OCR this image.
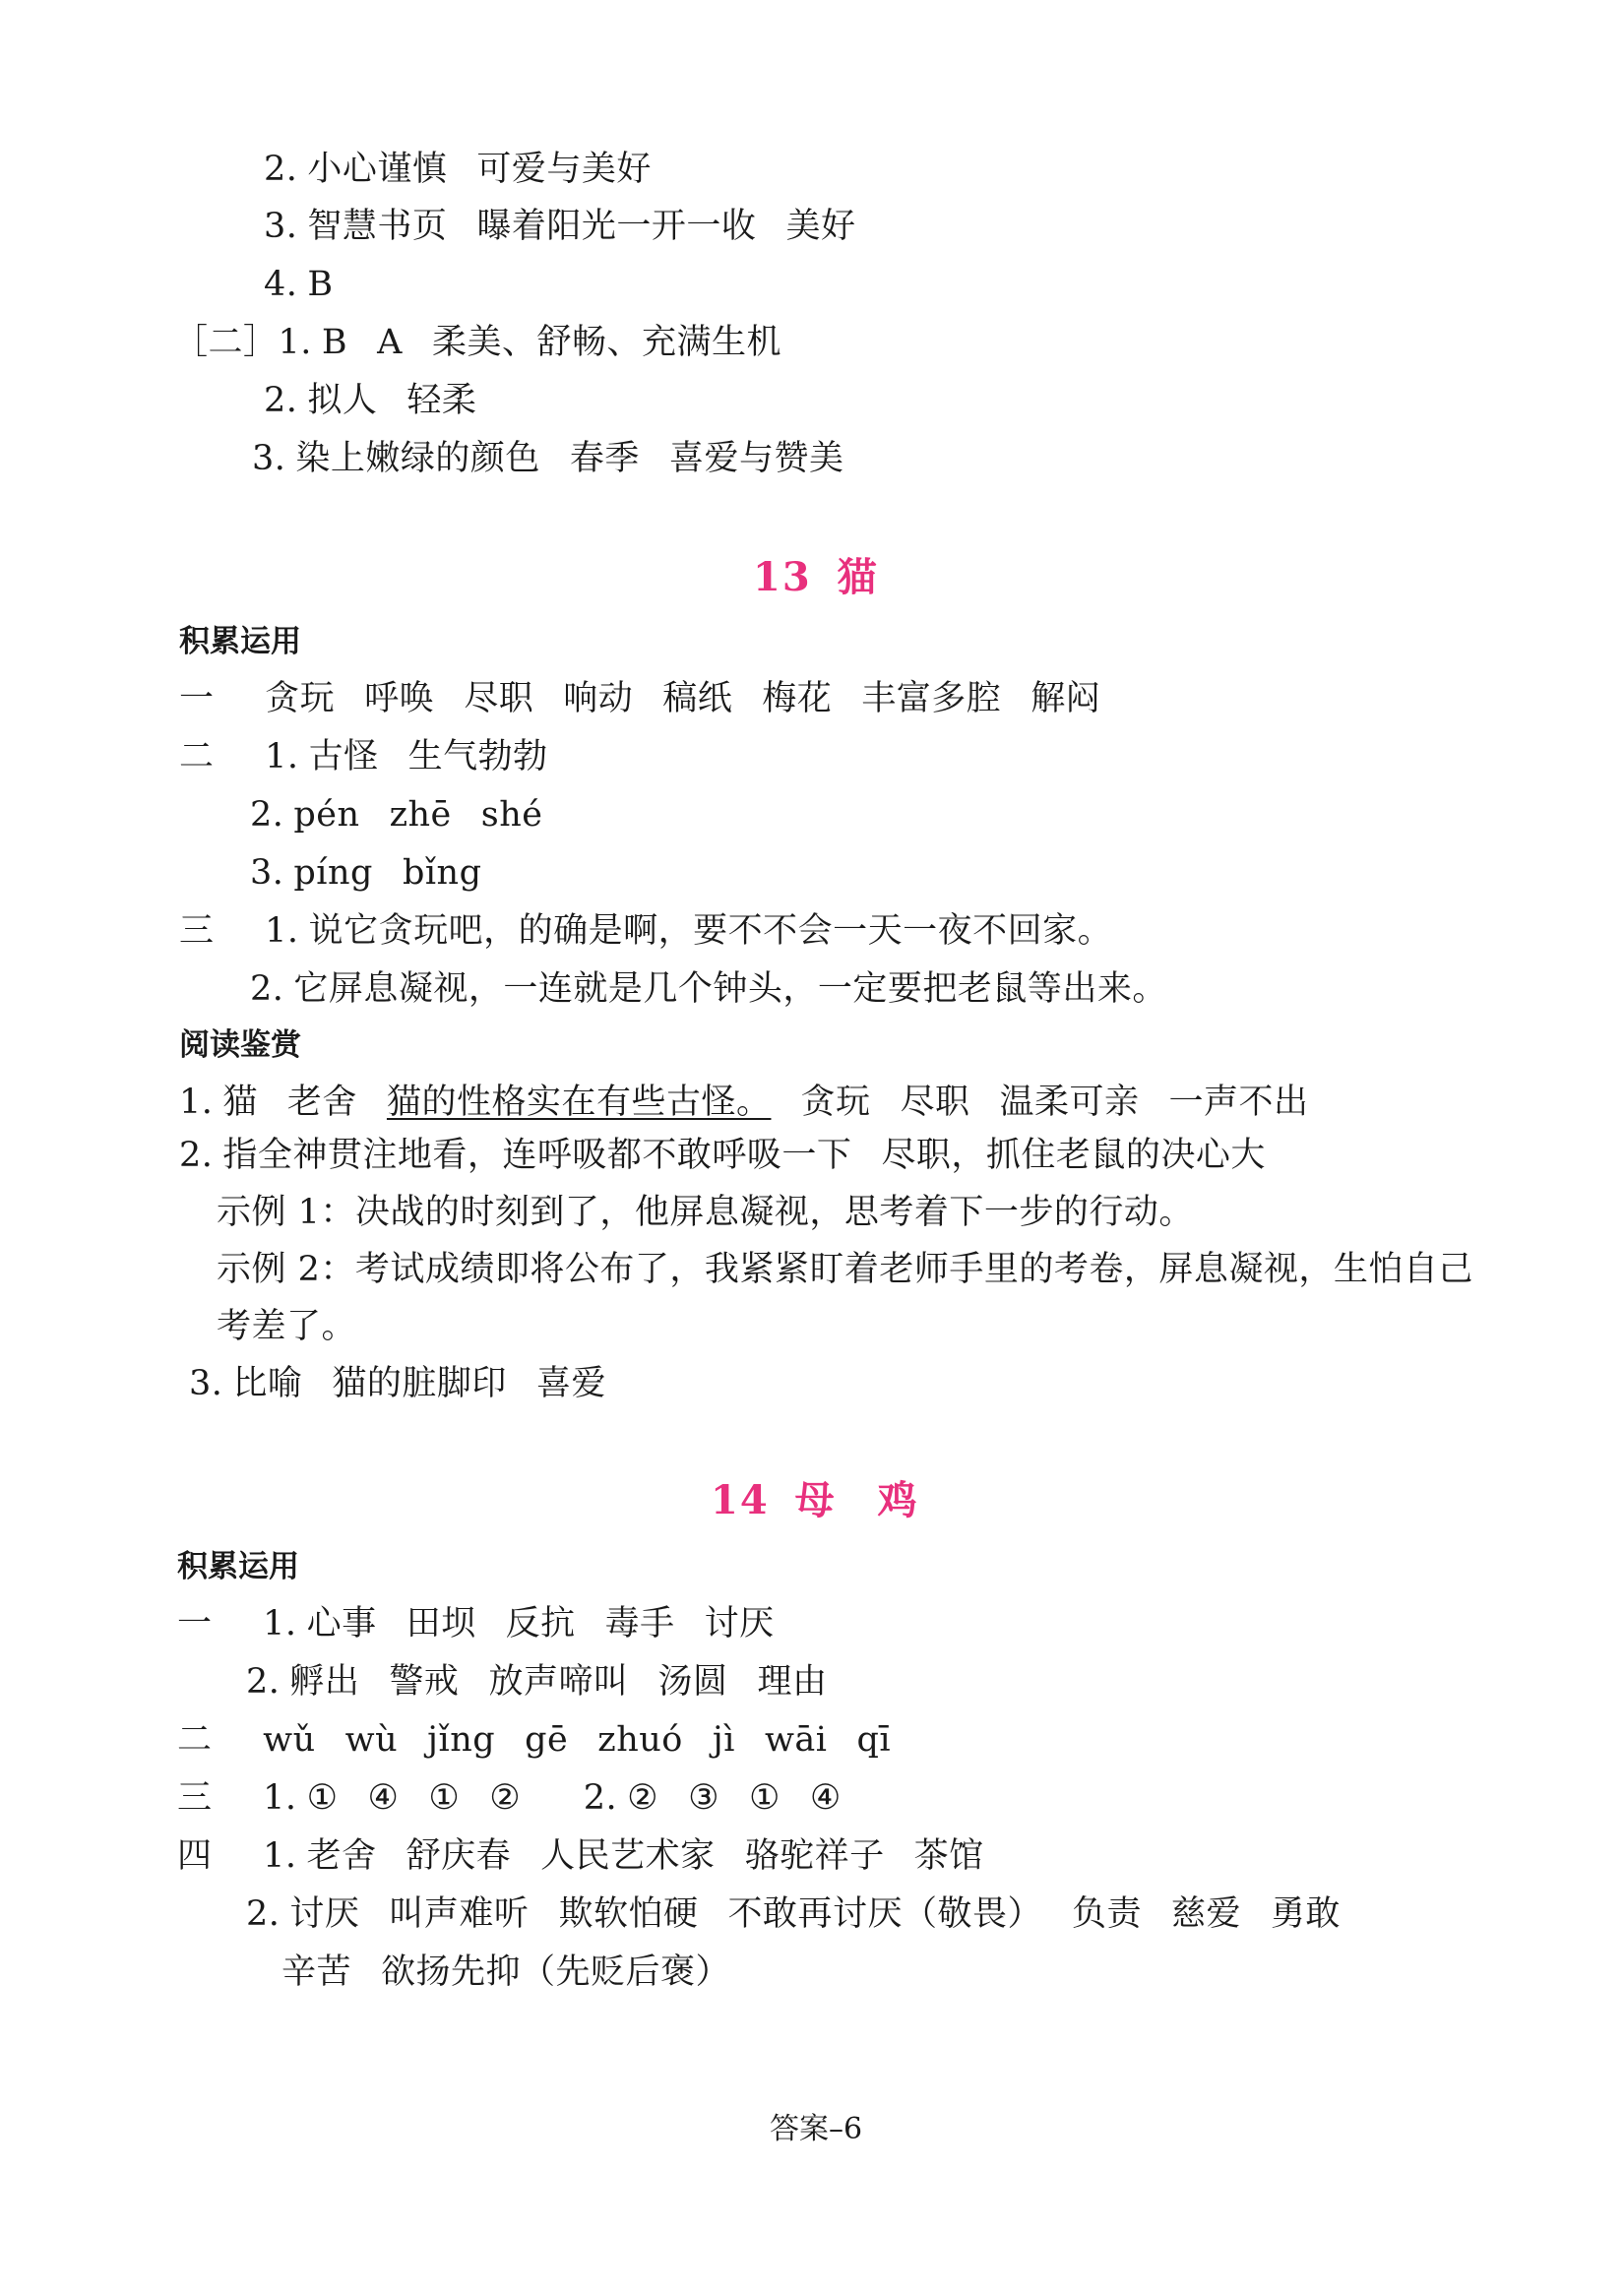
2. 小心谨慎 可爱与美好
3. 智慧书页 曝着阳光一开一收 美好
4. B
［二］1. B A 柔美、舒畅、充满生机
2. 拟人 轻柔
3. 染上嫩绿的颜色 春季 喜爱与赞美
13 猫
积累运用
一 贪玩 呼唤 尽职 响动 稿纸 梅花 丰富多腔 解闷
二 1. 古怪 生气勃勃
2. pén zhē shé
3. píng bǐng
三 1. 说它贪玩吧，的确是啊，要不不会一天一夜不回家。
2. 它屏息凝视，一连就是几个钟头，一定要把老鼠等出来。
阅读鉴赏
1. 猫 老舍 猫的性格实在有些古怪。 贪玩 尽职 温柔可亲 一声不出
2. 指全神贯注地看，连呼吸都不敢呼吸一下 尽职，抓住老鼠的决心大
示例 1：决战的时刻到了，他屏息凝视，思考着下一步的行动。
示例 2：考试成绩即将公布了，我紧紧盯着老师手里的考卷，屏息凝视，生怕自己
考差了。
3. 比喻 猫的脏脚印 喜爱
14 母　鸡
积累运用
一 1. 心事 田坝 反抗 毒手 讨厌
2. 孵出 警戒 放声啼叫 汤圆 理由
二 wǔ wù jǐng gē zhuó jì wāi qī
三 1. ① ④ ① ② 2. ② ③ ① ④
四 1. 老舍 舒庆春 人民艺术家 骆驼祥子 茶馆
2. 讨厌 叫声难听 欺软怕硬 不敢再讨厌（敬畏） 负责 慈爱 勇敢
辛苦 欲扬先抑（先贬后褒）
答案–6
